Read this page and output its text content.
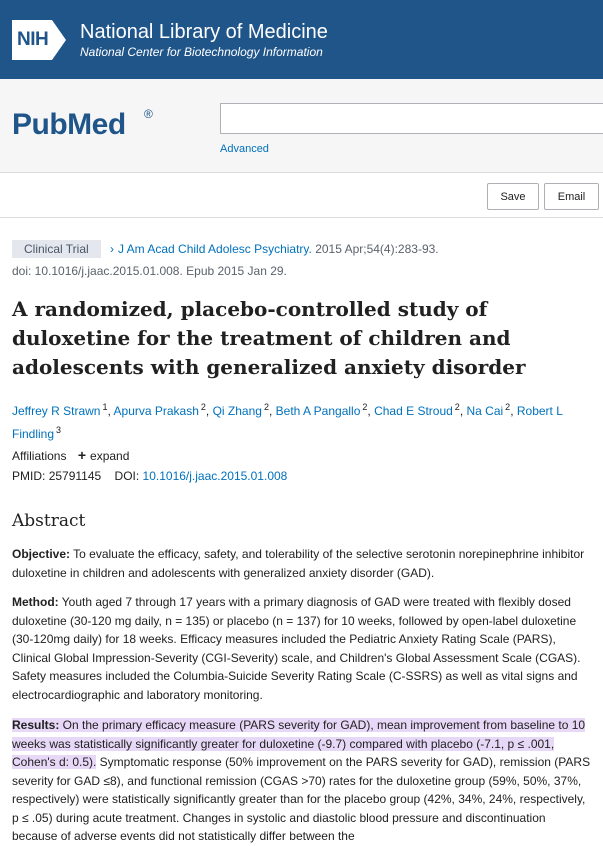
NIH National Library of Medicine
National Center for Biotechnology Information
PubMed ®
Advanced
Save	Email
Clinical Trial	› J Am Acad Child Adolesc Psychiatry. 2015 Apr;54(4):283-93.
doi: 10.1016/j.jaac.2015.01.008. Epub 2015 Jan 29.
A randomized, placebo-controlled study of duloxetine for the treatment of children and adolescents with generalized anxiety disorder
Jeffrey R Strawn $^1$, Apurva Prakash $^2$, Qi Zhang $^2$, Beth A Pangallo $^2$, Chad E Stroud $^2$, Na Cai $^2$, Robert L Findling $^3$
Affiliations + expand
PMID: 25791145 DOI: 10.1016/j.jaac.2015.01.008
Abstract

Objective: To evaluate the efficacy, safety, and tolerability of the selective serotonin norepinephrine inhibitor duloxetine in children and adolescents with generalized anxiety disorder (GAD).

Method: Youth aged 7 through 17 years with a primary diagnosis of GAD were treated with flexibly dosed duloxetine (30-120 mg daily, n = 135) or placebo (n = 137) for 10 weeks, followed by open-label duloxetine (30-120mg daily) for 18 weeks. Efficacy measures included the Pediatric Anxiety Rating Scale (PARS), Clinical Global Impression-Severity (CGI-Severity) scale, and Children's Global Assessment Scale (CGAS). Safety measures included the Columbia-Suicide Severity Rating Scale (C-SSRS) as well as vital signs and electrocardiographic and laboratory monitoring.

Results: On the primary efficacy measure (PARS severity for GAD), mean improvement from baseline to 10 weeks was statistically significantly greater for duloxetine (-9.7) compared with placebo (-7.1, p ≤ .001, Cohen's d: 0.5). Symptomatic response (50% improvement on the PARS severity for GAD), remission (PARS severity for GAD ≤8), and functional remission (CGAS >70) rates for the duloxetine group (59%, 50%, 37%, respectively) were statistically significantly greater than for the placebo group (42%, 34%, 24%, respectively, p ≤ .05) during acute treatment. Changes in systolic and diastolic blood pressure and discontinuation because of adverse events did not statistically differ between the
